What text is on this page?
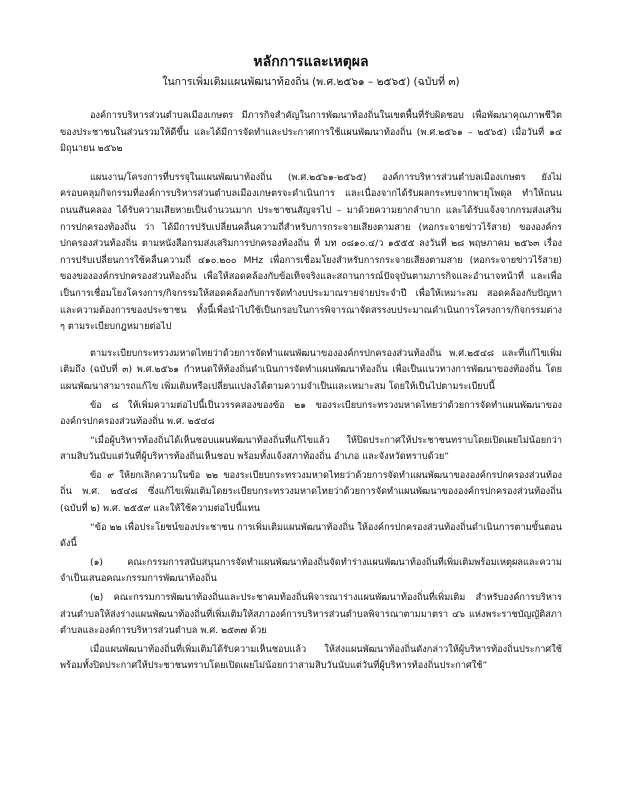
หลักการและเหตุผล

ในการเพิ่มเติมแผนพัฒนาท้องถิ่น (พ.ศ.๒๕๖๑ – ๒๕๖๕) (ฉบับที่ ๓)

องค์การบริหารส่วนตำบลเมืองเกษตร มีภารกิจสำคัญในการพัฒนาท้องถิ่นในเขตพื้นที่รับผิดชอบ เพื่อพัฒนาคุณภาพชีวิตของประชาชนในส่วนรวมให้ดีขึ้น และได้มีการจัดทำและประกาศการใช้แผนพัฒนาท้องถิ่น (พ.ศ.๒๕๖๑ – ๒๕๖๕) เมื่อวันที่ ๑๔ มิถุนายน ๒๕๖๒

แผนงาน/โครงการที่บรรจุในแผนพัฒนาท้องถิ่น (พ.ศ.๒๕๖๑-๒๕๖๕) องค์การบริหารส่วนตำบลเมืองเกษตร ยังไม่ครอบคลุมกิจกรรมที่องค์การบริหารส่วนตำบลเมืองเกษตรจะดำเนินการ และเนื่องจากได้รับผลกระทบจากพายุโพดุล ทำให้ถนน ถนนสันคลอง ได้รับความเสียหายเป็นจำนวนมาก ประชาชนสัญจรไป – มาด้วยความยากลำบาก และได้รับแจ้งจากกรมส่งเสริมการปกครองท้องถิ่น ว่า ได้มีการปรับเปลี่ยนคลื่นความถี่สำหรับการกระจายเสียงตามสาย (หอกระจายข่าวไร้สาย) ขององค์กรปกครองส่วนท้องถิ่น ตามหนังสือกรมส่งเสริมการปกครองท้องถิ่น ที่ มท ๐๘๑๐.๔/ว ๑๕๕๕ ลงวันที่ ๒๘ พฤษภาคม ๒๕๖๓ เรื่อง การปรับเปลี่ยนการใช้คลื่นความถี่ ๔๑๐.๒๐๐ MHz เพื่อการเชื่อมโยงสำหรับการกระจายเสียงตามสาย (หอกระจายข่าวไร้สาย) ของขององค์กรปกครองส่วนท้องถิ่น เพื่อให้สอดคล้องกับข้อเท็จจริงและสถานการณ์ปัจจุบันตามภารกิจและอำนาจหน้าที่ และเพื่อเป็นการเชื่อมโยงโครงการ/กิจกรรมให้สอดคล้องกับการจัดทำงบประมาณรายจ่ายประจำปี เพื่อให้เหมาะสม สอดคล้องกับปัญหาและความต้องการของประชาชน ทั้งนี้เพื่อนำไปใช้เป็นกรอบในการพิจารณาจัดสรรงบประมาณดำเนินการโครงการ/กิจกรรมต่าง ๆ ตามระเบียบกฎหมายต่อไป

ตามระเบียบกระทรวงมหาดไทยว่าด้วยการจัดทำแผนพัฒนาขององค์กรปกครองส่วนท้องถิ่น พ.ศ.๒๕๔๘ และที่แก้ไขเพิ่มเติมถึง (ฉบับที่ ๓) พ.ศ.๒๕๖๑ กำหนดให้ท้องถิ่นดำเนินการจัดทำแผนพัฒนาท้องถิ่น เพื่อเป็นแนวทางการพัฒนาของท้องถิ่น โดยแผนพัฒนาสามารถแก้ไข เพิ่มเติมหรือเปลี่ยนแปลงได้ตามความจำเป็นและเหมาะสม โดยให้เป็นไปตามระเบียบนี้

ข้อ ๘ ให้เพิ่มความต่อไปนี้เป็นวรรคสองของข้อ ๒๑ ของระเบียบกระทรวงมหาดไทยว่าด้วยการจัดทำแผนพัฒนาขององค์กรปกครองส่วนท้องถิ่น พ.ศ. ๒๕๔๘

“เมื่อผู้บริหารท้องถิ่นได้เห็นชอบแผนพัฒนาท้องถิ่นที่แก้ไขแล้ว ให้ปิดประกาศให้ประชาชนทราบโดยเปิดเผยไม่น้อยกว่าสามสิบวันนับแต่วันที่ผู้บริหารท้องถิ่นเห็นชอบ พร้อมทั้งแจ้งสภาท้องถิ่น อำเภอ และจังหวัดทราบด้วย”

ข้อ ๙ ให้ยกเลิกความในข้อ ๒๒ ของระเบียบกระทรวงมหาดไทยว่าด้วยการจัดทำแผนพัฒนาขององค์กรปกครองส่วนท้องถิ่น พ.ศ. ๒๕๔๘ ซึ่งแก้ไขเพิ่มเติมโดยระเบียบกระทรวงมหาดไทยว่าด้วยการจัดทำแผนพัฒนาขององค์กรปกครองส่วนท้องถิ่น (ฉบับที่ ๒) พ.ศ. ๒๕๕๙ และให้ใช้ความต่อไปนี้แทน

“ข้อ ๒๒ เพื่อประโยชน์ของประชาชน การเพิ่มเติมแผนพัฒนาท้องถิ่น ให้องค์กรปกครองส่วนท้องถิ่นดำเนินการตามขั้นตอน ดังนี้

(๑) คณะกรรมการสนับสนุนการจัดทำแผนพัฒนาท้องถิ่นจัดทำร่างแผนพัฒนาท้องถิ่นที่เพิ่มเติมพร้อมเหตุผลและความจำเป็นเสนอคณะกรรมการพัฒนาท้องถิ่น

(๒) คณะกรรมการพัฒนาท้องถิ่นและประชาคมท้องถิ่นพิจารณาร่างแผนพัฒนาท้องถิ่นที่เพิ่มเติม สำหรับองค์การบริหารส่วนตำบลให้ส่งร่างแผนพัฒนาท้องถิ่นที่เพิ่มเติมให้สภาองค์การบริหารส่วนตำบลพิจารณาตามมาตรา ๔๖ แห่งพระราชบัญญัติสภาตำบลและองค์การบริหารส่วนตำบล พ.ศ. ๒๕๓๗ ด้วย

เมื่อแผนพัฒนาท้องถิ่นที่เพิ่มเติมได้รับความเห็นชอบแล้ว ให้ส่งแผนพัฒนาท้องถิ่นดังกล่าวให้ผู้บริหารท้องถิ่นประกาศใช้ พร้อมทั้งปิดประกาศให้ประชาชนทราบโดยเปิดเผยไม่น้อยกว่าสามสิบวันนับแต่วันที่ผู้บริหารท้องถิ่นประกาศใช้”
